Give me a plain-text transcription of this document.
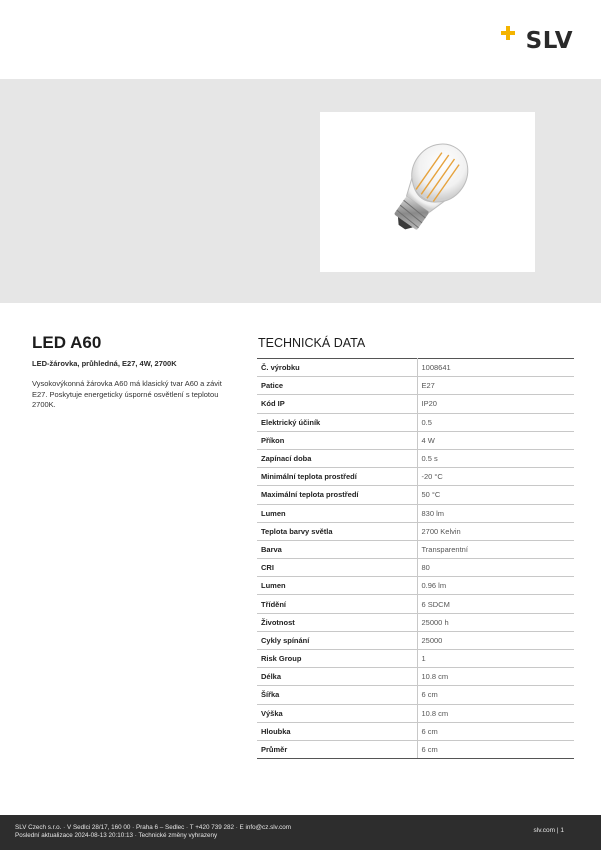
SLV
LED A60
LED-žárovka, průhledná, E27, 4W, 2700K
Vysokovýkonná žárovka A60 má klasický tvar A60 a závit E27. Poskytuje energeticky úsporné osvětlení s teplotou 2700K.
TECHNICKÁ DATA
Č. výrobku	1008641
Patice	E27
Kód IP	IP20
Elektrický účiník	0.5
Příkon	4 W
Zapínací doba	0.5 s
Minimální teplota prostředí	-20 °C
Maximální teplota prostředí	50 °C
Lumen	830 lm
Teplota barvy světla	2700 Kelvin
Barva	Transparentní
CRI	80
Lumen	0.96 lm
Třídění	6 SDCM
Životnost	25000 h
Cykly spínání	25000
Risk Group	1
Délka	10.8 cm
Šířka	6 cm
Výška	10.8 cm
Hloubka	6 cm
Průměr	6 cm
SLV Czech s.r.o. · V Sedlci 28/17, 160 00 · Praha 6 – Sedlec · T +420 739 282 · E info@cz.slv.com
Poslední aktualizace 2024-08-13 20:10:13 · Technické změny vyhrazeny
slv.com | 1
